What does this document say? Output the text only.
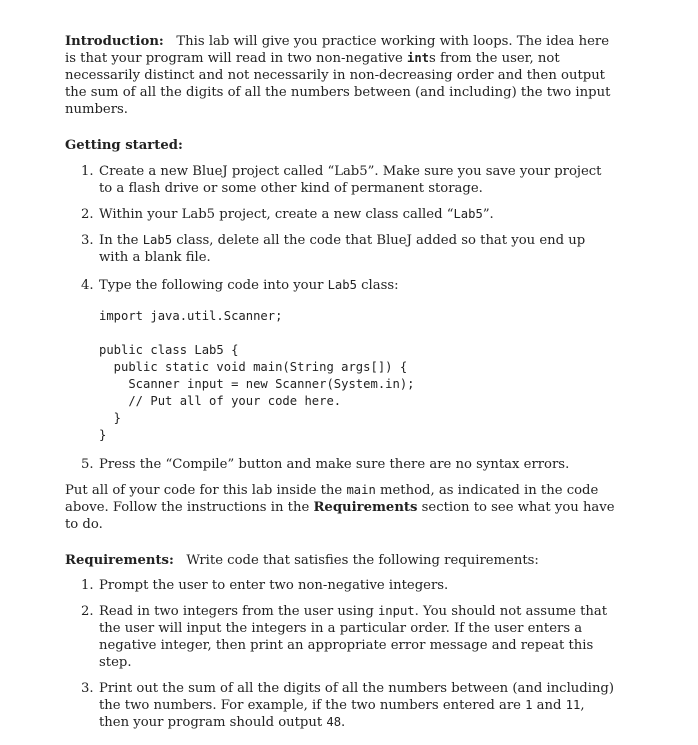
Introduction: This lab will give you practice working with loops. The idea here is that your program will read in two non-negative ints from the user, not necessarily distinct and not necessarily in non-decreasing order and then output the sum of all the digits of all the numbers between (and including) the two input numbers.

Getting started:

1. Create a new BlueJ project called “Lab5”. Make sure you save your project to a flash drive or some other kind of permanent storage.
2. Within your Lab5 project, create a new class called “Lab5”.
3. In the Lab5 class, delete all the code that BlueJ added so that you end up with a blank file.
4. Type the following code into your Lab5 class:
import java.util.Scanner;
public class Lab5 {
public static void main(String args[]) {
Scanner input = new Scanner(System.in);
// Put all of your code here.
}
}
5. Press the “Compile” button and make sure there are no syntax errors.

Put all of your code for this lab inside the main method, as indicated in the code above. Follow the instructions in the Requirements section to see what you have to do.

Requirements: Write code that satisfies the following requirements:

1. Prompt the user to enter two non-negative integers.
2. Read in two integers from the user using input. You should not assume that the user will input the integers in a particular order. If the user enters a negative integer, then print an appropriate error message and repeat this step.
3. Print out the sum of all the digits of all the numbers between (and including) the two numbers. For example, if the two numbers entered are 1 and 11, then your program should output 48.
